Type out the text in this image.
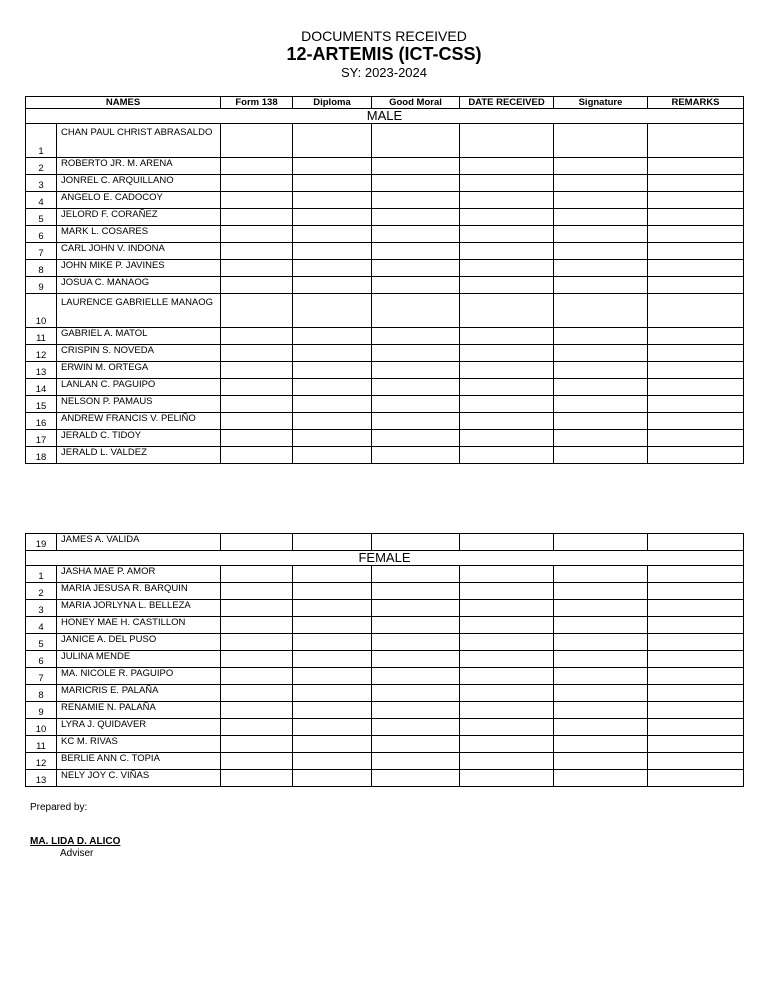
DOCUMENTS RECEIVED
12-ARTEMIS (ICT-CSS)
SY: 2023-2024
NAMES		Form 138	Diploma	Good Moral	DATE RECEIVED	Signature	REMARKS
MALE							
1	CHAN PAUL CHRIST ABRASALDO						
2	ROBERTO JR. M. ARENA						
3	JONREL C. ARQUILLANO						
4	ANGELO E. CADOCOY						
5	JELORD F. CORAÑEZ						
6	MARK L. COSARES						
7	CARL JOHN V. INDONA						
8	JOHN MIKE P. JAVINES						
9	JOSUA C. MANAOG						
10	LAURENCE GABRIELLE MANAOG						
11	GABRIEL A. MATOL						
12	CRISPIN S. NOVEDA						
13	ERWIN M. ORTEGA						
14	LANLAN C. PAGUIPO						
15	NELSON P. PAMAUS						
16	ANDREW FRANCIS V. PELIÑO						
17	JERALD C. TIDOY						
18	JERALD L. VALDEZ						
19	JAMES A. VALIDA						
FEMALE							
1	JASHA MAE P. AMOR						
2	MARIA JESUSA R. BARQUIN						
3	MARIA JORLYNA L. BELLEZA						
4	HONEY MAE H. CASTILLON						
5	JANICE A. DEL PUSO						
6	JULINA MENDE						
7	MA. NICOLE R. PAGUIPO						
8	MARICRIS E. PALAÑA						
9	RENAMIE N. PALAÑA						
10	LYRA J. QUIDAVER						
11	KC M. RIVAS						
12	BERLIE ANN C. TOPIA						
13	NELY JOY C. VIÑAS						
Prepared by:
MA. LIDA D. ALICO
Adviser
